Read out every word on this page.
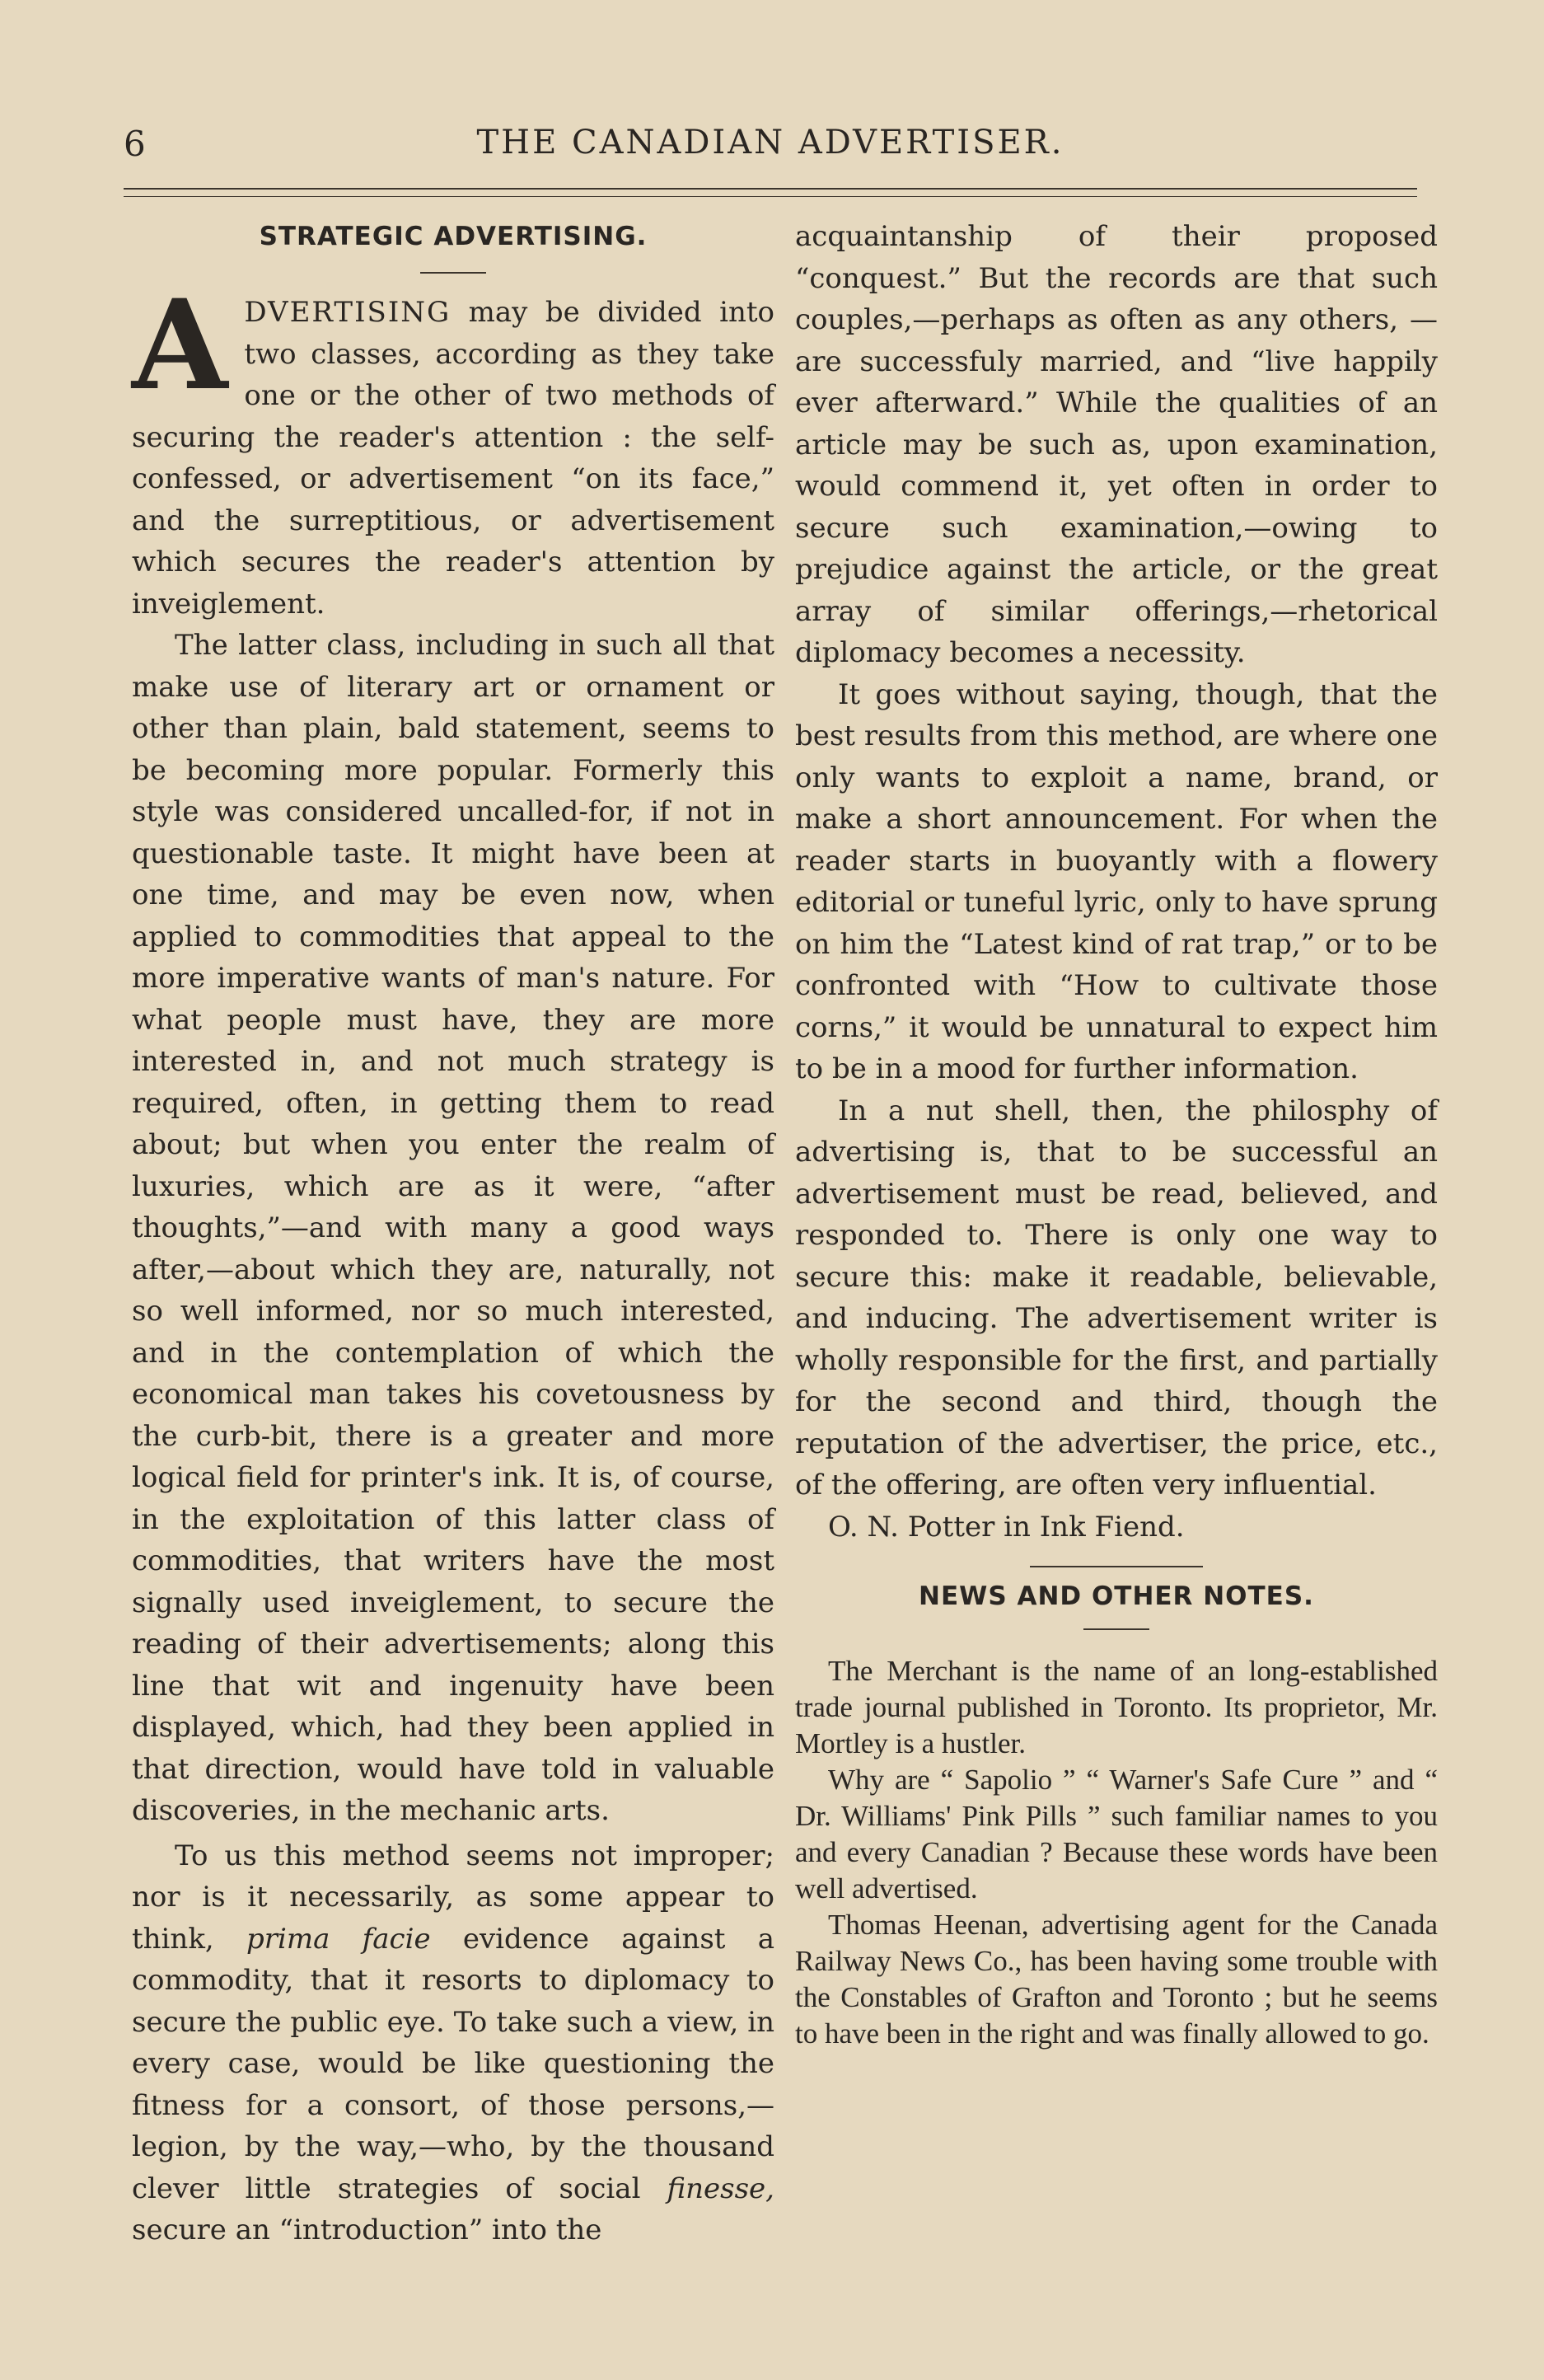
6	THE CANADIAN ADVERTISER.
STRATEGIC ADVERTISING.

ADVERTISING may be divided into two classes, according as they take one or the other of two methods of securing the reader's attention : the self-confessed, or advertisement “on its face,” and the surreptitious, or advertisement which secures the reader's attention by inveiglement.

The latter class, including in such all that make use of literary art or ornament or other than plain, bald statement, seems to be becoming more popular. Formerly this style was considered uncalled-for, if not in questionable taste. It might have been at one time, and may be even now, when applied to commodities that appeal to the more imperative wants of man's nature. For what people must have, they are more interested in, and not much strategy is required, often, in getting them to read about; but when you enter the realm of luxuries, which are as it were, “after thoughts,”—and with many a good ways after,—about which they are, naturally, not so well informed, nor so much interested, and in the contemplation of which the economical man takes his covetousness by the curb-bit, there is a greater and more logical field for printer's ink. It is, of course, in the exploitation of this latter class of commodities, that writers have the most signally used inveiglement, to secure the reading of their advertisements; along this line that wit and ingenuity have been displayed, which, had they been applied in that direction, would have told in valuable discoveries, in the mechanic arts.

To us this method seems not improper; nor is it necessarily, as some appear to think, prima facie evidence against a commodity, that it resorts to diplomacy to secure the public eye. To take such a view, in every case, would be like questioning the fitness for a consort, of those persons,—legion, by the way,—who, by the thousand clever little strategies of social finesse, secure an “introduction” into the

acquaintanship of their proposed “conquest.” But the records are that such couples,—perhaps as often as any others, —are successfuly married, and “live happily ever afterward.” While the qualities of an article may be such as, upon examination, would commend it, yet often in order to secure such examination,—owing to prejudice against the article, or the great array of similar offerings,—rhetorical diplomacy becomes a necessity.

It goes without saying, though, that the best results from this method, are where one only wants to exploit a name, brand, or make a short announcement. For when the reader starts in buoyantly with a flowery editorial or tuneful lyric, only to have sprung on him the “Latest kind of rat trap,” or to be confronted with “How to cultivate those corns,” it would be unnatural to expect him to be in a mood for further information.

In a nut shell, then, the philosphy of advertising is, that to be successful an advertisement must be read, believed, and responded to. There is only one way to secure this: make it readable, believable, and inducing. The advertisement writer is wholly responsible for the first, and partially for the second and third, though the reputation of the advertiser, the price, etc., of the offering, are often very influential.

O. N. Potter in Ink Fiend.

NEWS AND OTHER NOTES.

The Merchant is the name of an long-established trade journal published in Toronto. Its proprietor, Mr. Mortley is a hustler.

Why are “ Sapolio ” “ Warner's Safe Cure ” and “ Dr. Williams' Pink Pills ” such familiar names to you and every Canadian ? Because these words have been well advertised.

Thomas Heenan, advertising agent for the Canada Railway News Co., has been having some trouble with the Constables of Grafton and Toronto ; but he seems to have been in the right and was finally allowed to go.
